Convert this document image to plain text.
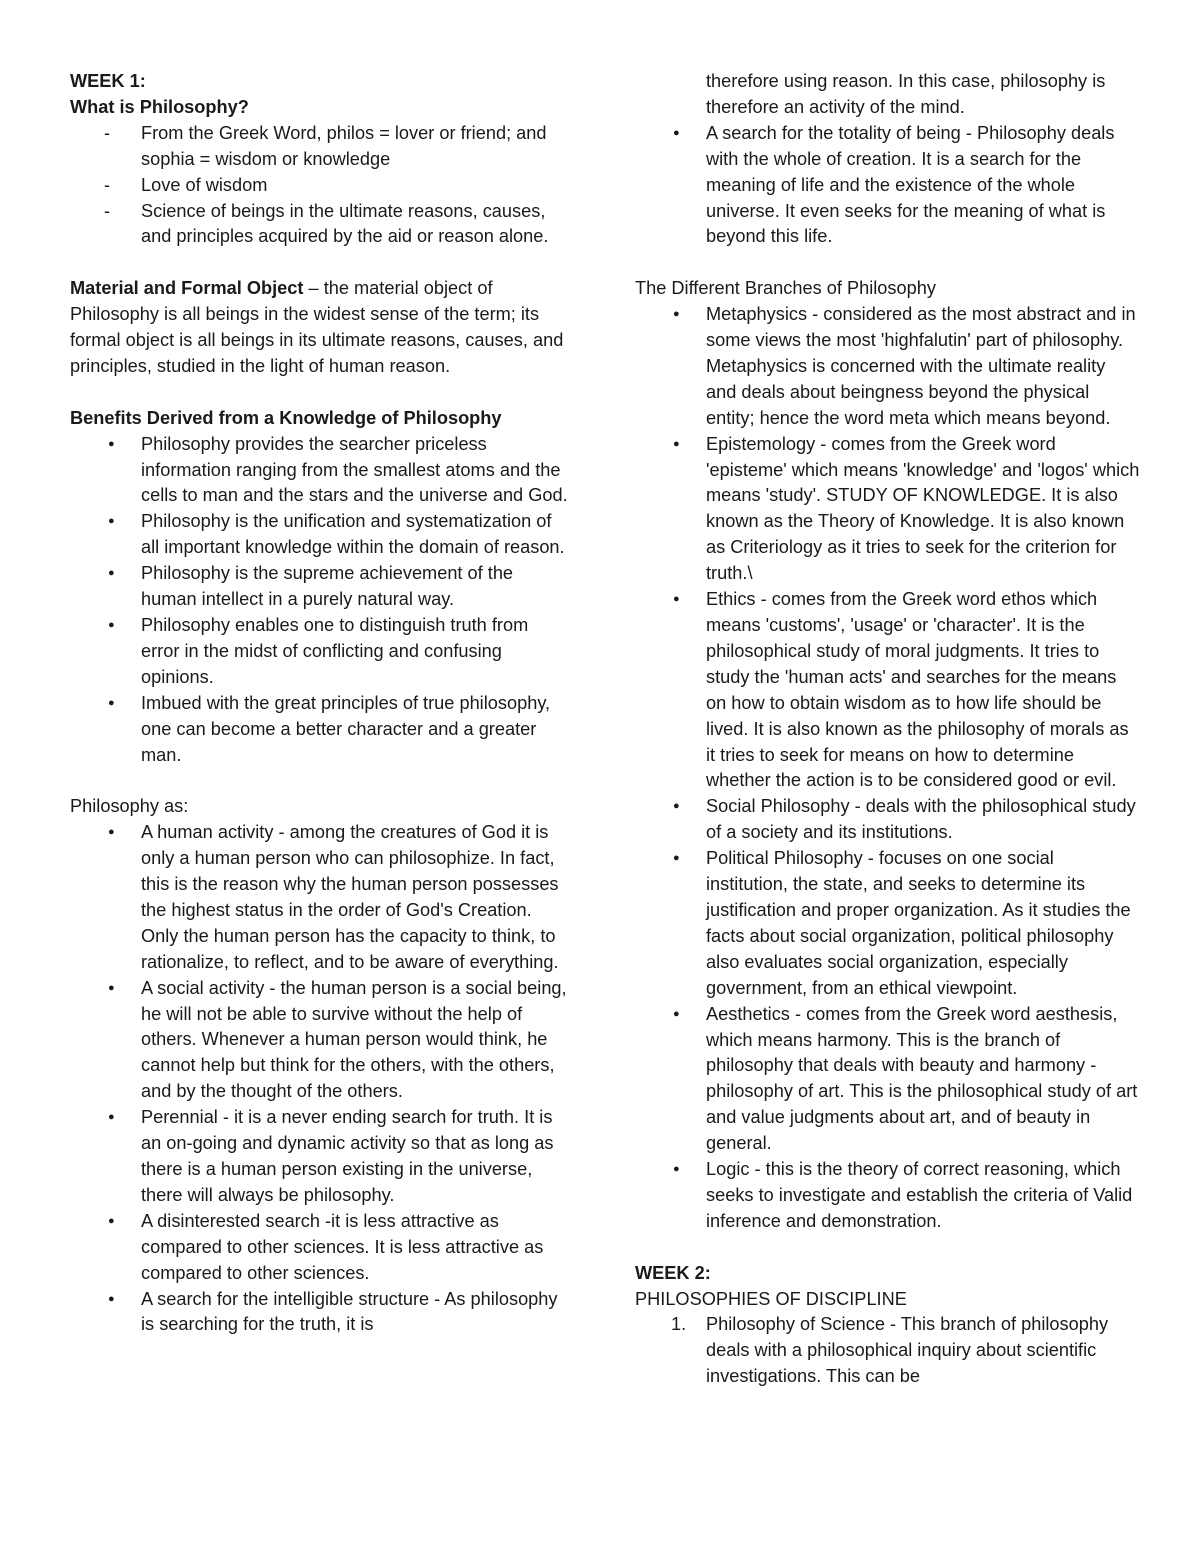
WEEK 1:
What is Philosophy?
-	From the Greek Word, philos = lover or friend; and sophia = wisdom or knowledge
-	Love of wisdom
-	Science of beings in the ultimate reasons, causes, and principles acquired by the aid or reason alone.
Material and Formal Object – the material object of Philosophy is all beings in the widest sense of the term; its formal object is all beings in its ultimate reasons, causes, and principles, studied in the light of human reason.
Benefits Derived from a Knowledge of Philosophy
●	Philosophy provides the searcher priceless information ranging from the smallest atoms and the cells to man and the stars and the universe and God.
●	Philosophy is the unification and systematization of all important knowledge within the domain of reason.
●	Philosophy is the supreme achievement of the human intellect in a purely natural way.
●	Philosophy enables one to distinguish truth from error in the midst of conflicting and confusing opinions.
●	Imbued with the great principles of true philosophy, one can become a better character and a greater man.
Philosophy as:
●	A human activity - among the creatures of God it is only a human person who can philosophize. In fact, this is the reason why the human person possesses the highest status in the order of God's Creation. Only the human person has the capacity to think, to rationalize, to reflect, and to be aware of everything.
●	A social activity - the human person is a social being, he will not be able to survive without the help of others. Whenever a human person would think, he cannot help but think for the others, with the others, and by the thought of the others.
●	Perennial - it is a never ending search for truth. It is an on-going and dynamic activity so that as long as there is a human person existing in the universe, there will always be philosophy.
●	A disinterested search -it is less attractive as compared to other sciences. It is less attractive as compared to other sciences.
●	A search for the intelligible structure - As philosophy is searching for the truth, it is
therefore using reason. In this case, philosophy is therefore an activity of the mind.
●	A search for the totality of being - Philosophy deals with the whole of creation. It is a search for the meaning of life and the existence of the whole universe. It even seeks for the meaning of what is beyond this life.
The Different Branches of Philosophy
●	Metaphysics - considered as the most abstract and in some views the most 'highfalutin' part of philosophy. Metaphysics is concerned with the ultimate reality and deals about beingness beyond the physical entity; hence the word meta which means beyond.
●	Epistemology - comes from the Greek word 'episteme' which means 'knowledge' and 'logos' which means 'study'. STUDY OF KNOWLEDGE. It is also known as the Theory of Knowledge. It is also known as Criteriology as it tries to seek for the criterion for truth.\
●	Ethics - comes from the Greek word ethos which means 'customs', 'usage' or 'character'. It is the philosophical study of moral judgments. It tries to study the 'human acts' and searches for the means on how to obtain wisdom as to how life should be lived. It is also known as the philosophy of morals as it tries to seek for means on how to determine whether the action is to be considered good or evil.
●	Social Philosophy - deals with the philosophical study of a society and its institutions.
●	Political Philosophy - focuses on one social institution, the state, and seeks to determine its justification and proper organization. As it studies the facts about social organization, political philosophy also evaluates social organization, especially government, from an ethical viewpoint.
●	Aesthetics - comes from the Greek word aesthesis, which means harmony. This is the branch of philosophy that deals with beauty and harmony - philosophy of art. This is the philosophical study of art and value judgments about art, and of beauty in general.
●	Logic - this is the theory of correct reasoning, which seeks to investigate and establish the criteria of Valid inference and demonstration.
WEEK 2:
PHILOSOPHIES OF DISCIPLINE
1.	Philosophy of Science - This branch of philosophy deals with a philosophical inquiry about scientific investigations. This can be
